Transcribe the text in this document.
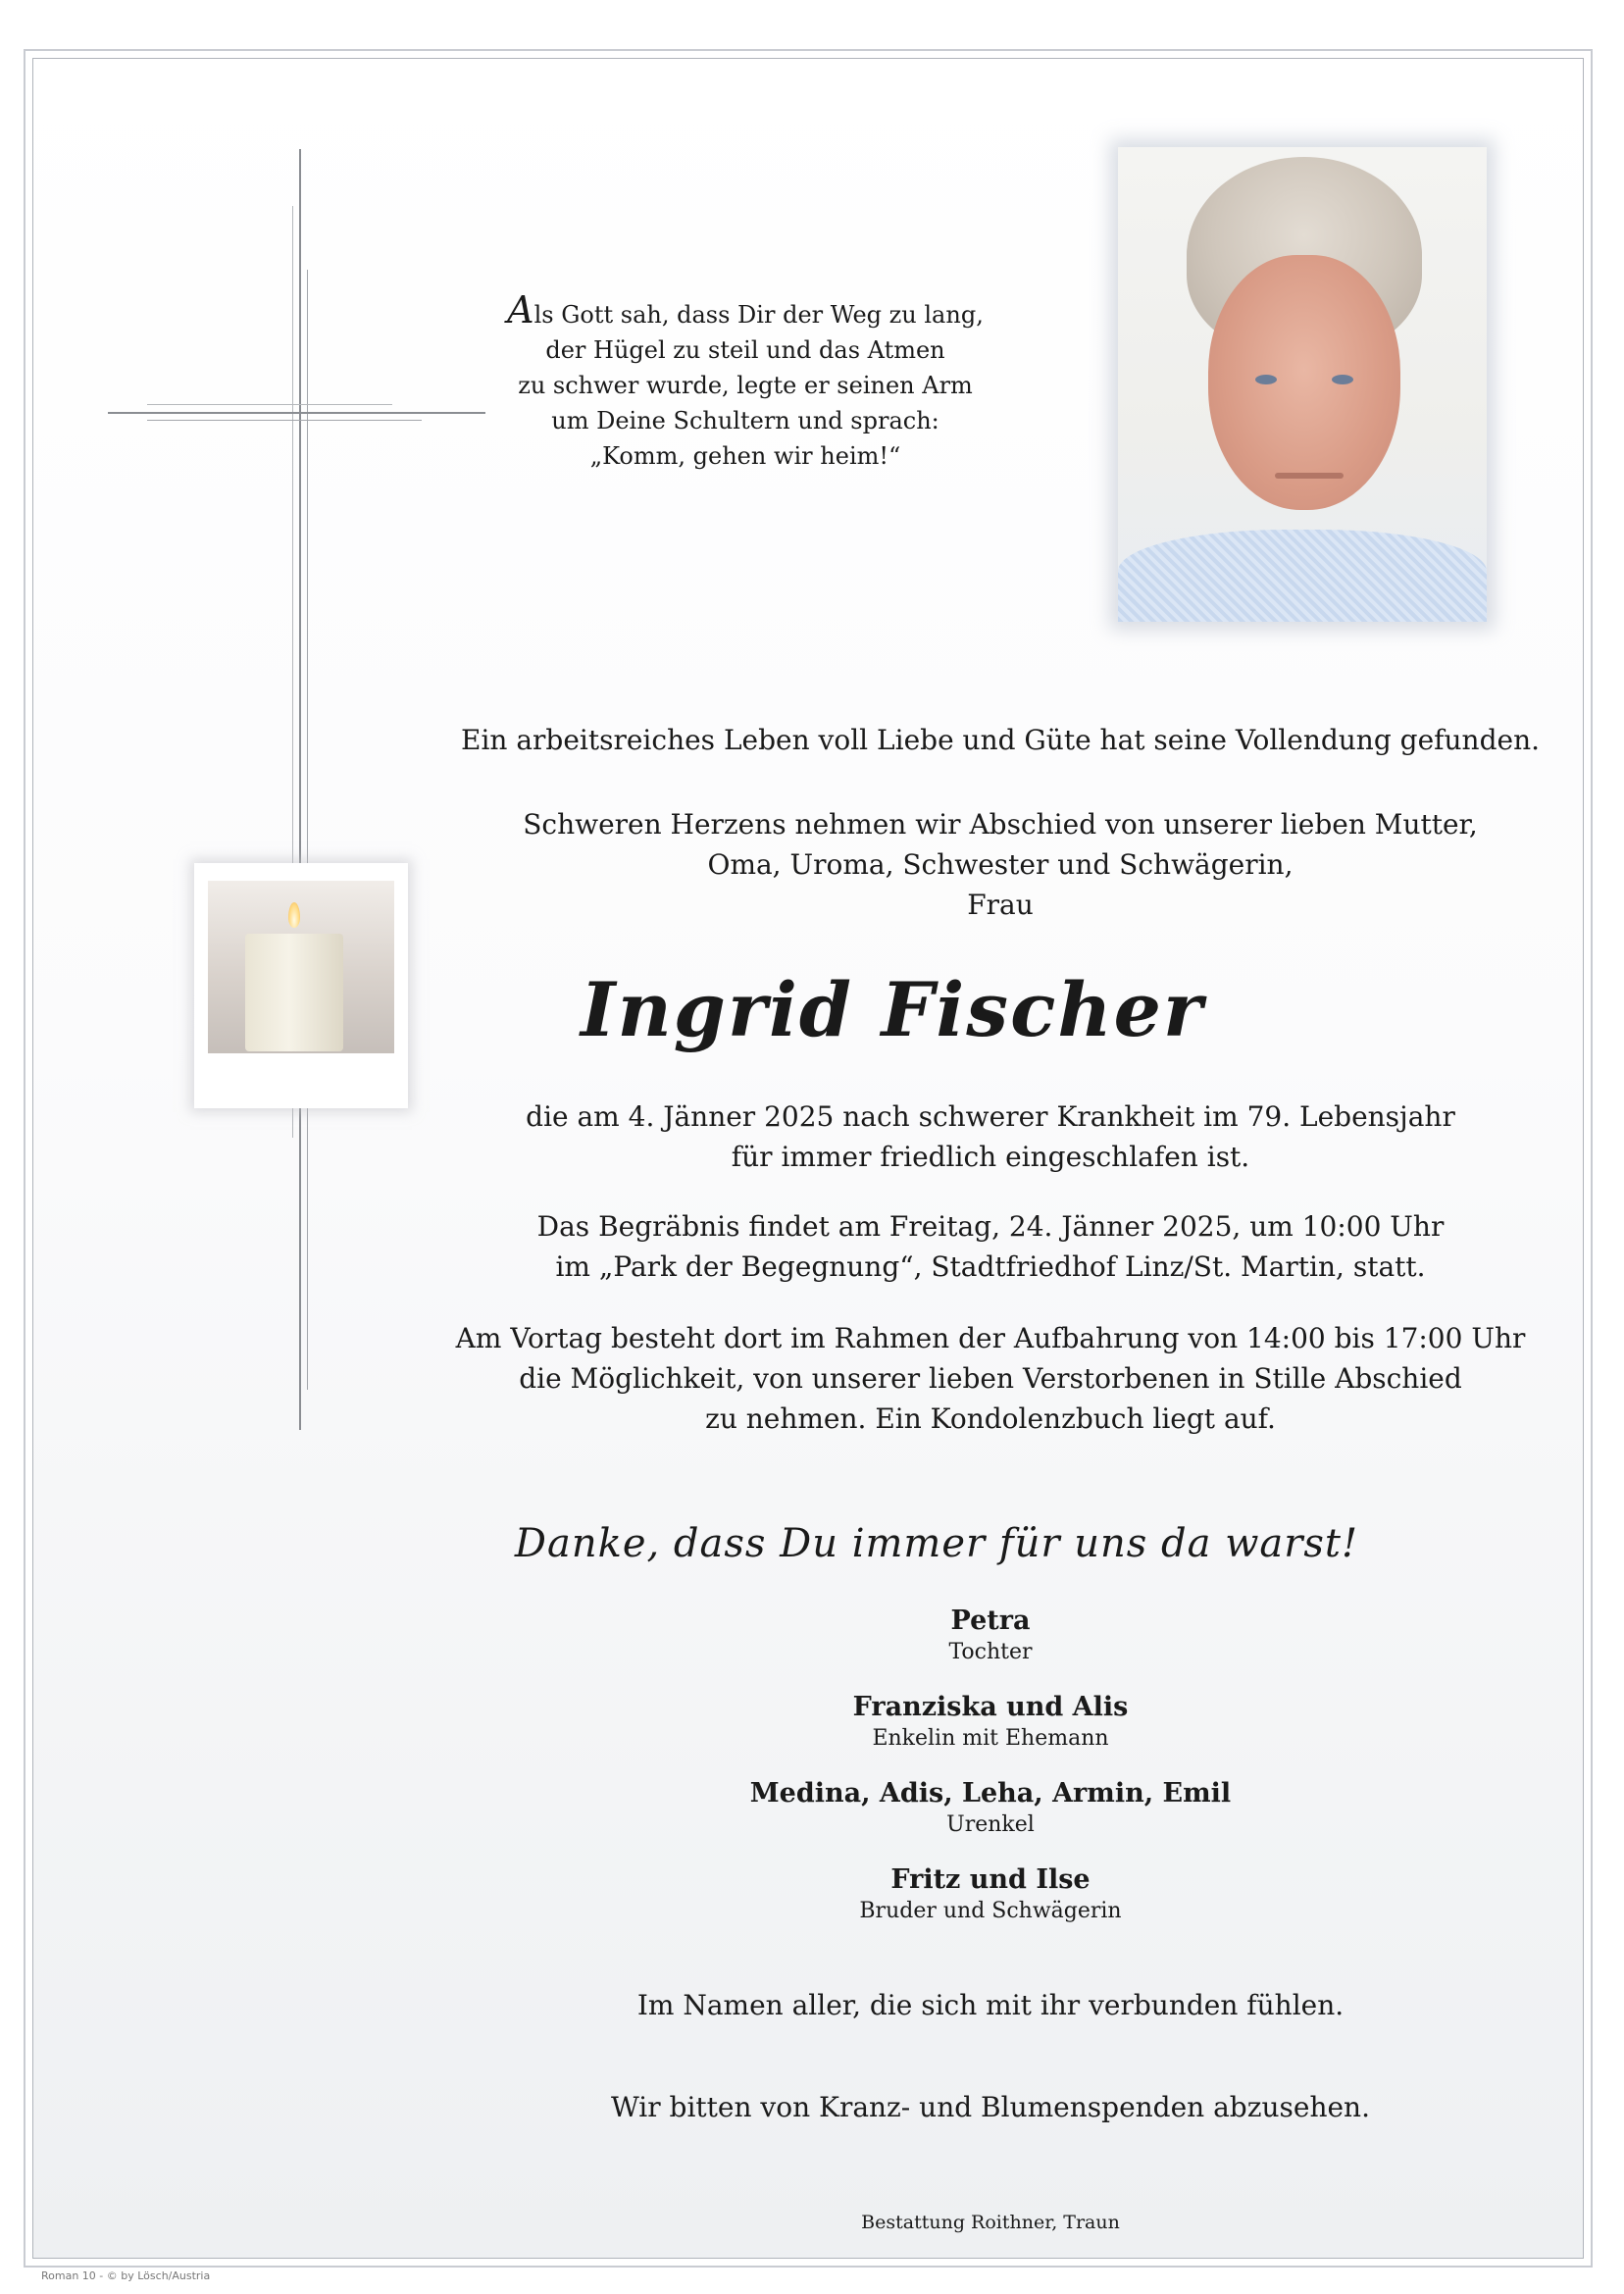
Als Gott sah, dass Dir der Weg zu lang,
der Hügel zu steil und das Atmen
zu schwer wurde, legte er seinen Arm
um Deine Schultern und sprach:
„Komm, gehen wir heim!“

Ein arbeitsreiches Leben voll Liebe und Güte hat seine Vollendung gefunden.

Schweren Herzens nehmen wir Abschied von unserer lieben Mutter,
Oma, Uroma, Schwester und Schwägerin,
Frau
Ingrid Fischer
die am 4. Jänner 2025 nach schwerer Krankheit im 79. Lebensjahr
für immer friedlich eingeschlafen ist.
Das Begräbnis findet am Freitag, 24. Jänner 2025, um 10:00 Uhr
im „Park der Begegnung“, Stadtfriedhof Linz/St. Martin, statt.
Am Vortag besteht dort im Rahmen der Aufbahrung von 14:00 bis 17:00 Uhr
die Möglichkeit, von unserer lieben Verstorbenen in Stille Abschied
zu nehmen. Ein Kondolenzbuch liegt auf.

Danke, dass Du immer für uns da warst!

Petra
Tochter
Franziska und Alis
Enkelin mit Ehemann
Medina, Adis, Leha, Armin, Emil
Urenkel
Fritz und Ilse
Bruder und Schwägerin

Im Namen aller, die sich mit ihr verbunden fühlen.

Wir bitten von Kranz- und Blumenspenden abzusehen.

Bestattung Roithner, Traun

Roman 10 - © by Lösch/Austria
